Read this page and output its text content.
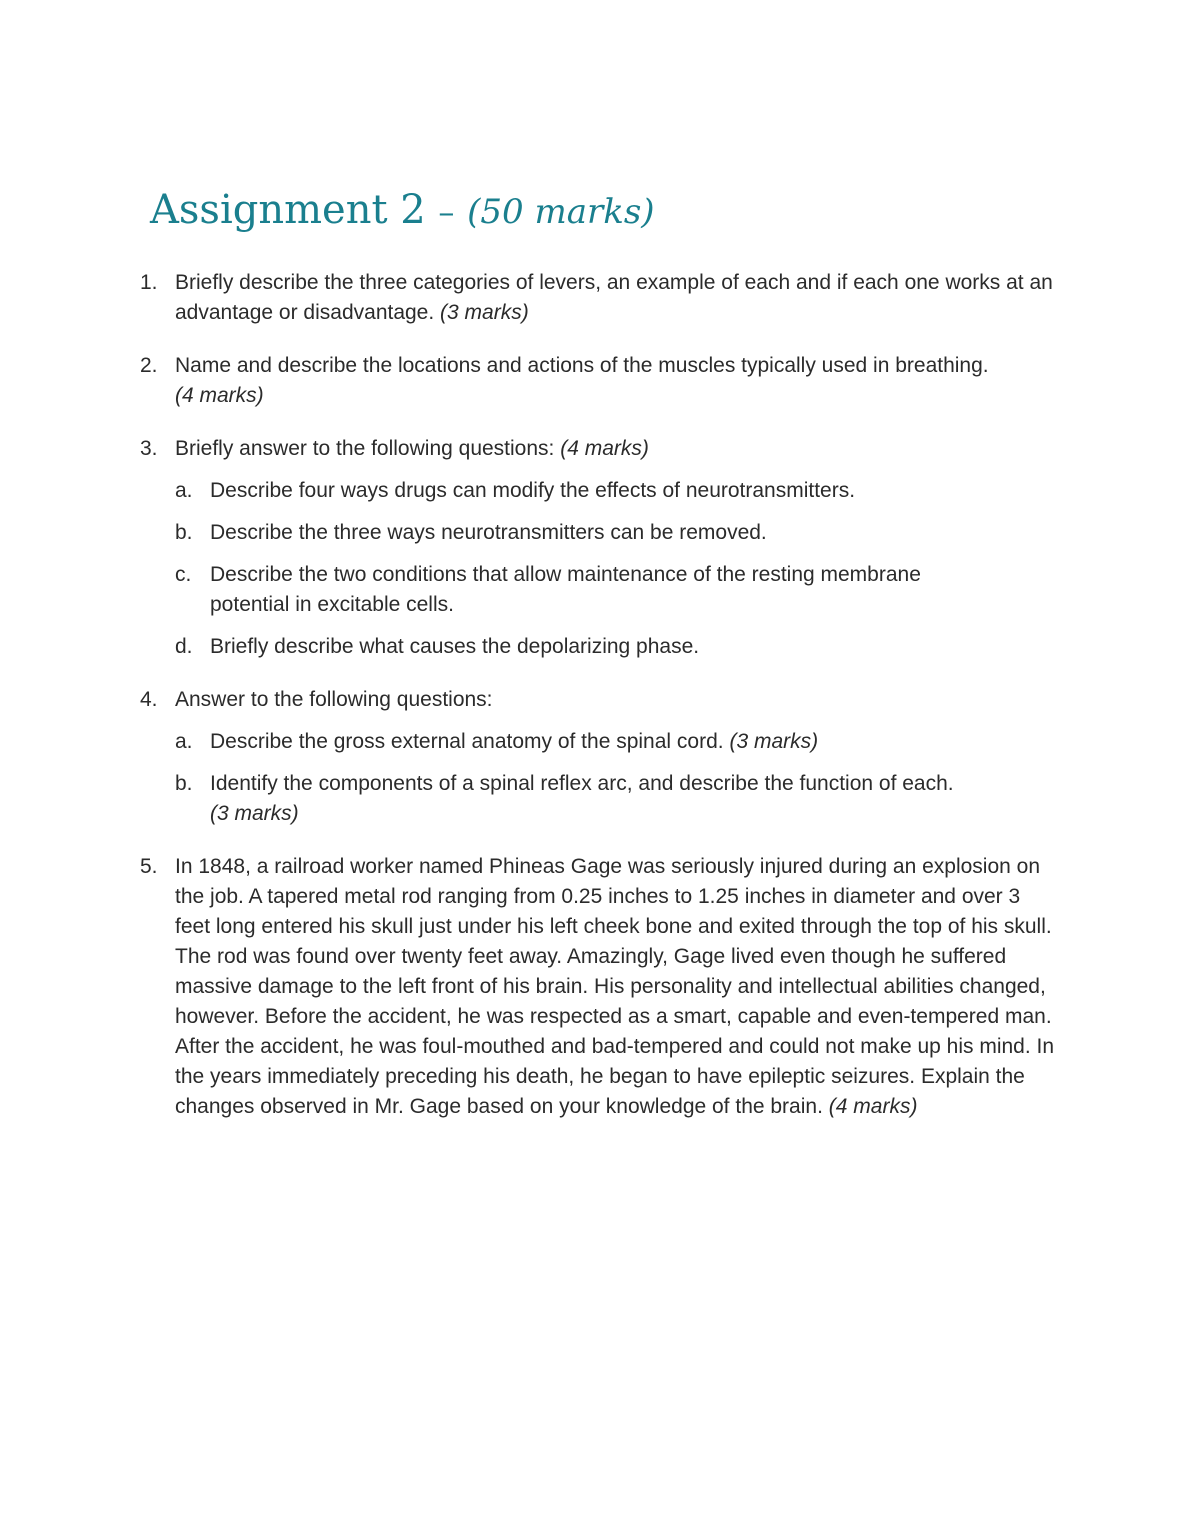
Assignment 2 – (50 marks)
1. Briefly describe the three categories of levers, an example of each and if each one works at an advantage or disadvantage. (3 marks)
2. Name and describe the locations and actions of the muscles typically used in breathing.
(4 marks)
3. Briefly answer to the following questions: (4 marks)
a. Describe four ways drugs can modify the effects of neurotransmitters.
b. Describe the three ways neurotransmitters can be removed.
c. Describe the two conditions that allow maintenance of the resting membrane potential in excitable cells.
d. Briefly describe what causes the depolarizing phase.
4. Answer to the following questions:
a. Describe the gross external anatomy of the spinal cord. (3 marks)
b. Identify the components of a spinal reflex arc, and describe the function of each. (3 marks)
5. In 1848, a railroad worker named Phineas Gage was seriously injured during an explosion on the job. A tapered metal rod ranging from 0.25 inches to 1.25 inches in diameter and over 3 feet long entered his skull just under his left cheek bone and exited through the top of his skull. The rod was found over twenty feet away. Amazingly, Gage lived even though he suffered massive damage to the left front of his brain. His personality and intellectual abilities changed, however. Before the accident, he was respected as a smart, capable and even-tempered man. After the accident, he was foul-mouthed and bad-tempered and could not make up his mind. In the years immediately preceding his death, he began to have epileptic seizures. Explain the changes observed in Mr. Gage based on your knowledge of the brain. (4 marks)
